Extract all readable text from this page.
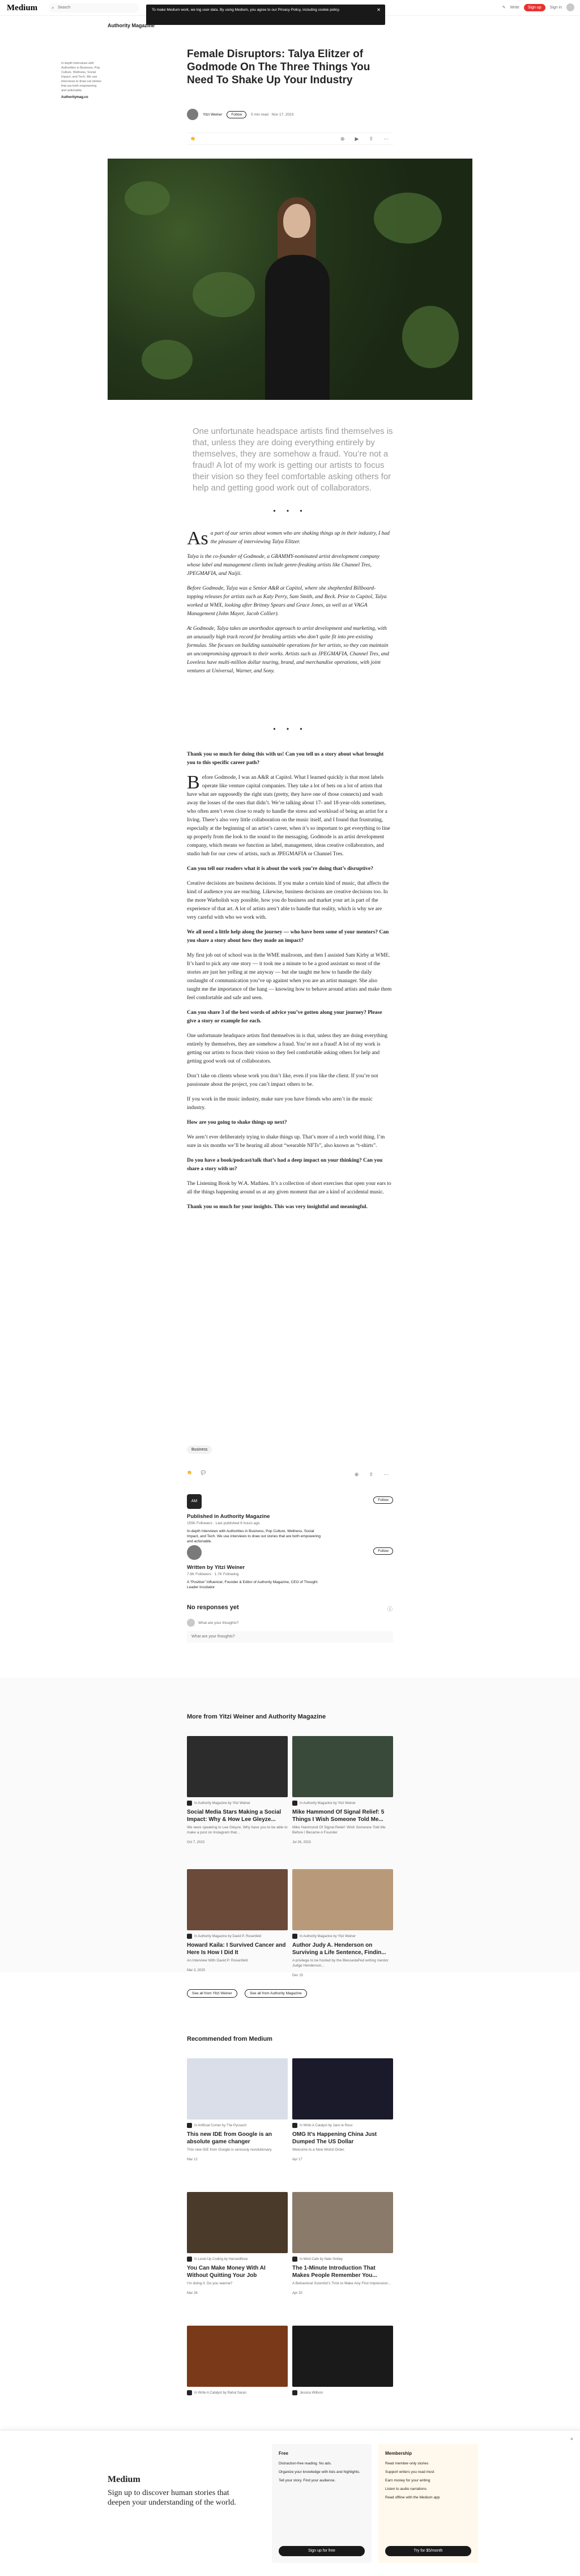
Medium	⌕ Search	✎ Write	Sign up	Sign in
To make Medium work, we log user data. By using Medium, you agree to our Privacy Policy, including cookie policy.	✕
Authority Magazine
In-depth Interviews with Authorities in Business, Pop Culture, Wellness, Social Impact, and Tech. We use interviews to draw out stories that are both empowering and actionable.
Authoritymag.co
Female Disruptors: Talya Elitzer of Godmode On The Three Things You Need To Shake Up Your Industry
Yitzi Weiner	Follow	5 min read · Nov 17, 2023
👏	⊕ ▶ ⇪ ⋯

One unfortunate headspace artists find themselves is that, unless they are doing everything entirely by themselves, they are somehow a fraud. You’re not a fraud! A lot of my work is getting our artists to focus their vision so they feel comfortable asking others for help and getting good work out of collaborators.

• • •

As a part of our series about women who are shaking things up in their industry, I had the pleasure of interviewing Talya Elitzer.

Talya is the co-founder of Godmode, a GRAMMY-nominated artist development company whose label and management clients include genre-freaking artists like Channel Tres, JPEGMAFIA, and Naijii.

Before Godmode, Talya was a Senior A&R at Capitol, where she shepherded Billboard-topping releases for artists such as Katy Perry, Sam Smith, and Beck. Prior to Capitol, Talya worked at WMX, looking after Britney Spears and Grace Jones, as well as at VAGA Management (John Mayer, Jacob Collier).

At Godmode, Talya takes an unorthodox approach to artist development and marketing, with an unusually high track record for breaking artists who don’t quite fit into pre-existing formulas. She focuses on building sustainable operations for her artists, so they can maintain an uncompromising approach to their works. Artists such as JPEGMAFIA, Channel Tres, and Loveless have multi-million dollar touring, brand, and merchandise operations, with joint ventures at Universal, Warner, and Sony.

• • •

Thank you so much for doing this with us! Can you tell us a story about what brought you to this specific career path?

Before Godmode, I was an A&R at Capitol. What I learned quickly is that most labels operate like venture capital companies. They take a lot of bets on a lot of artists that have what are supposedly the right stats (pretty, they have one of those connects) and wash away the losses of the ones that didn’t. We’re talking about 17- and 18-year-olds sometimes, who often aren’t even close to ready to handle the stress and workload of being an artist for a living. There’s also very little collaboration on the music itself, and I found that frustrating, especially at the beginning of an artist’s career, when it’s so important to get everything to line up properly from the look to the sound to the messaging. Godmode is an artist development company, which means we function as label, management, ideas creative collaborators, and studio hub for our crew of artists, such as JPEGMAFIA or Channel Tres.

Can you tell our readers what it is about the work you’re doing that’s disruptive?

Creative decisions are business decisions. If you make a certain kind of music, that affects the kind of audience you are reaching. Likewise, business decisions are creative decisions too. In the more Warholish way possible, how you do business and market your art is part of the experience of that art. A lot of artists aren’t able to handle that reality, which is why we are very careful with who we work with.

We all need a little help along the journey — who have been some of your mentors? Can you share a story about how they made an impact?

My first job out of school was in the WME mailroom, and then I assisted Sam Kirby at WME. It’s hard to pick any one story — it took me a minute to be a good assistant so most of the stories are just her yelling at me anyway — but she taught me how to handle the daily onslaught of communication you’ve up against when you are an artist manager. She also taught me the importance of the hang — knowing how to behave around artists and make them feel comfortable and safe and seen.

Can you share 3 of the best words of advice you’ve gotten along your journey? Please give a story or example for each.

One unfortunate headspace artists find themselves in is that, unless they are doing everything entirely by themselves, they are somehow a fraud. You’re not a fraud! A lot of my work is getting our artists to focus their vision so they feel comfortable asking others for help and getting good work out of collaborators.

Don’t take on clients whose work you don’t like, even if you like the client. If you’re not passionate about the project, you can’t impact others to be.

If you work in the music industry, make sure you have friends who aren’t in the music industry.

How are you going to shake things up next?

We aren’t ever deliberately trying to shake things up. That’s more of a tech world thing. I’m sure in six months we’ll be hearing all about “wearable NFTs”, also known as “t-shirts”.

Do you have a book/podcast/talk that’s had a deep impact on your thinking? Can you share a story with us?

The Listening Book by W.A. Mathieu. It’s a collection of short exercises that open your ears to all the things happening around us at any given moment that are a kind of accidental music.

Thank you so much for your insights. This was very insightful and meaningful.

Business
👏 💬	⊕ ⇪ ⋯
AM
Published in Authority Magazine
155K Followers · Last published 6 hours ago
In-depth Interviews with Authorities in Business, Pop Culture, Wellness, Social Impact, and Tech. We use interviews to draw out stories that are both empowering and actionable.
Follow
Written by Yitzi Weiner
7.6K Followers · 1.7K Following
A “Positive” Influencer, Founder & Editor of Authority Magazine, CEO of Thought Leader Incubator
Follow
No responses yet	ⓘ
What are your thoughts?
What are your thoughts?
More from Yitzi Weiner and Authority Magazine
In Authority Magazine by Yitzi Weiner
Social Media Stars Making a Social Impact: Why & How Lee Gleyze...
We were speaking to Lee Gleyze. Why have you to be able to make a post on Instagram that...
Oct 7, 2023
In Authority Magazine by Yitzi Weiner
Mike Hammond Of Signal Relief: 5 Things I Wish Someone Told Me...
Mike Hammond Of Signal Relief: Wish Someone Told Me Before I Became A Founder
Jul 26, 2023
In Authority Magazine by David P. Rosenfeld
Howard Kaila: I Survived Cancer and Here Is How I Did It
An Interview With David P. Rosenfeld
Mar 3, 2020
In Authority Magazine by Yitzi Weiner
Author Judy A. Henderson on Surviving a Life Sentence, Findin...
A privilege to be hosted by the BlessedaPed writing mentor Judge Henderson...
Dec 15
See all from Yitzi Weiner	See all from Authority Magazine
Recommended from Medium
In Artificial Corner by The Pycoach
This new IDE from Google is an absolute game changer
This new IDE from Google is seriously revolutionary.
Mar 12
In Write A Catalyst by Jano le Roux
OMG It’s Happening China Just Dumped The US Dollar
Welcome to a New World Order.
Apr 17
In Level Up Coding by HarvardNow
You Can Make Money With AI Without Quitting Your Job
I’m doing it. Do you wanna?
Mar 26
In Mind Cafe by Nate Smiley
The 1-Minute Introduction That Makes People Remember You...
A Behavioral Scientist’s Trick to Make Any First Impression...
Apr 20
In Write A Catalyst by Rahul Saran	Jessica Willson
×
Medium
Sign up to discover human stories that deepen your understanding of the world.
Free
Distraction-free reading. No ads.
Organize your knowledge with lists and highlights.
Tell your story. Find your audience.
Sign up for free
Membership
Read member-only stories
Support writers you read most
Earn money for your writing
Listen to audio narrations
Read offline with the Medium app
Try for $5/month
